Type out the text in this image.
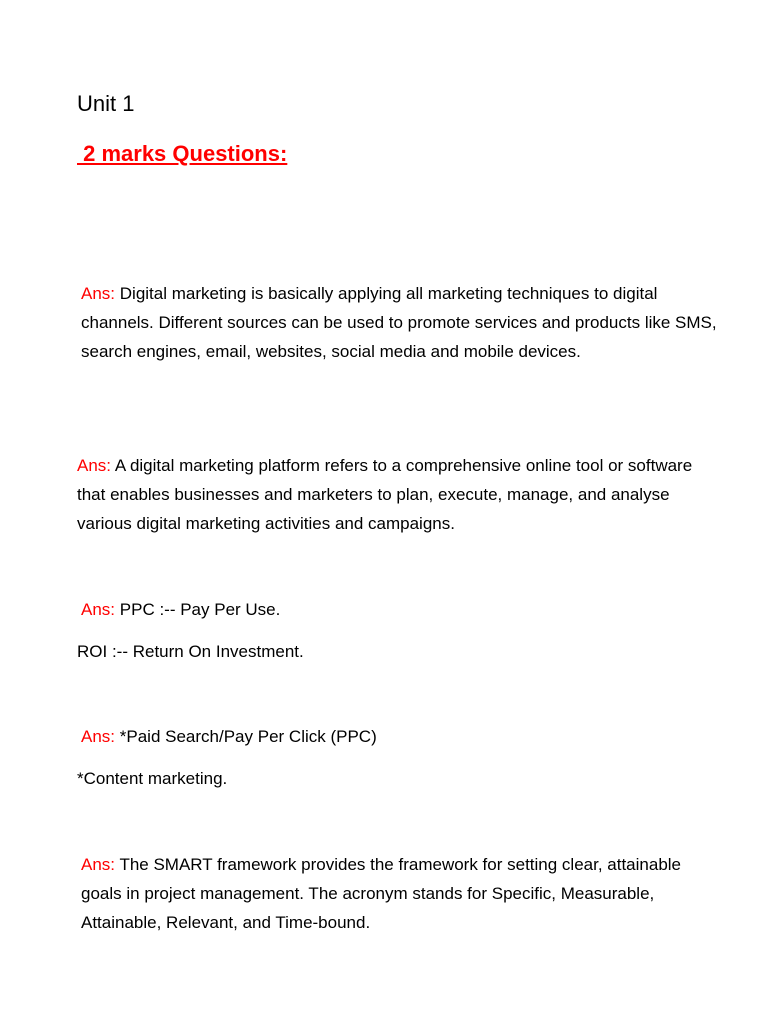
Unit 1
2 marks Questions:

Ans: Digital marketing is basically applying all marketing techniques to digital channels. Different sources can be used to promote services and products like SMS, search engines, email, websites, social media and mobile devices.

Ans: A digital marketing platform refers to a comprehensive online tool or software that enables businesses and marketers to plan, execute, manage, and analyse various digital marketing activities and campaigns.

Ans: PPC :-- Pay Per Use.

ROI :-- Return On Investment.

Ans: *Paid Search/Pay Per Click (PPC)

*Content marketing.

Ans: The SMART framework provides the framework for setting clear, attainable goals in project management. The acronym stands for Specific, Measurable, Attainable, Relevant, and Time-bound.
